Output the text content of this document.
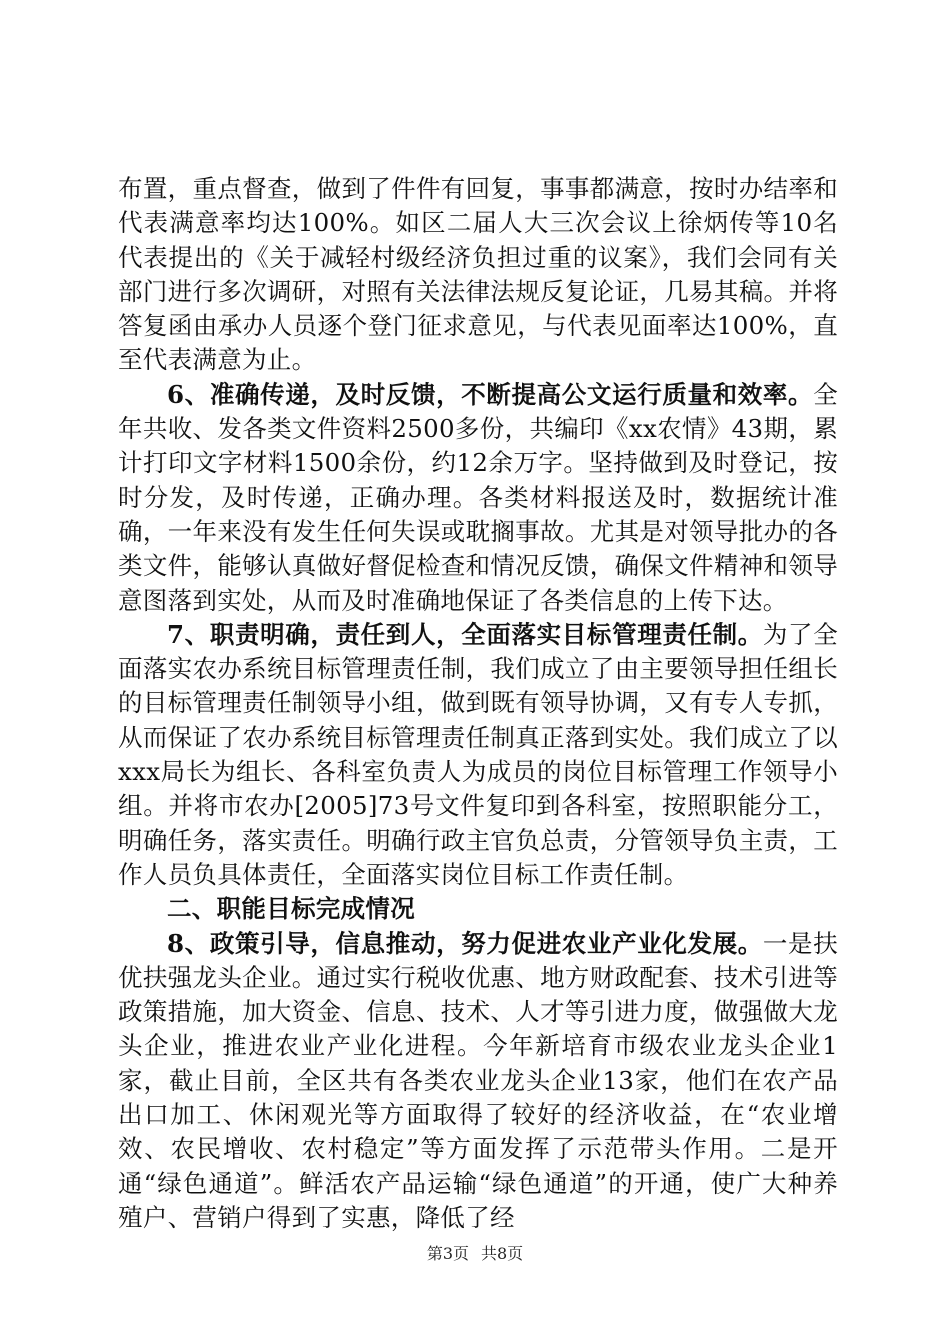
布置，重点督查，做到了件件有回复，事事都满意，按时办结率和代表满意率均达100%。如区二届人大三次会议上徐炳传等10名代表提出的《关于减轻村级经济负担过重的议案》，我们会同有关部门进行多次调研，对照有关法律法规反复论证，几易其稿。并将答复函由承办人员逐个登门征求意见，与代表见面率达100%，直至代表满意为止。

6、准确传递，及时反馈，不断提高公文运行质量和效率。全年共收、发各类文件资料2500多份，共编印《xx农情》43期，累计打印文字材料1500余份，约12余万字。坚持做到及时登记，按时分发，及时传递，正确办理。各类材料报送及时，数据统计准确，一年来没有发生任何失误或耽搁事故。尤其是对领导批办的各类文件，能够认真做好督促检查和情况反馈，确保文件精神和领导意图落到实处，从而及时准确地保证了各类信息的上传下达。

7、职责明确，责任到人，全面落实目标管理责任制。为了全面落实农办系统目标管理责任制，我们成立了由主要领导担任组长的目标管理责任制领导小组，做到既有领导协调，又有专人专抓，从而保证了农办系统目标管理责任制真正落到实处。我们成立了以xxx局长为组长、各科室负责人为成员的岗位目标管理工作领导小组。并将市农办[2005]73号文件复印到各科室，按照职能分工，明确任务，落实责任。明确行政主官负总责，分管领导负主责，工作人员负具体责任，全面落实岗位目标工作责任制。

二、职能目标完成情况

8、政策引导，信息推动，努力促进农业产业化发展。一是扶优扶强龙头企业。通过实行税收优惠、地方财政配套、技术引进等政策措施，加大资金、信息、技术、人才等引进力度，做强做大龙头企业，推进农业产业化进程。今年新培育市级农业龙头企业1家，截止目前，全区共有各类农业龙头企业13家，他们在农产品出口加工、休闲观光等方面取得了较好的经济收益，在“农业增效、农民增收、农村稳定”等方面发挥了示范带头作用。二是开通“绿色通道”。鲜活农产品运输“绿色通道”的开通，使广大种养殖户、营销户得到了实惠，降低了经

第3页 共8页
